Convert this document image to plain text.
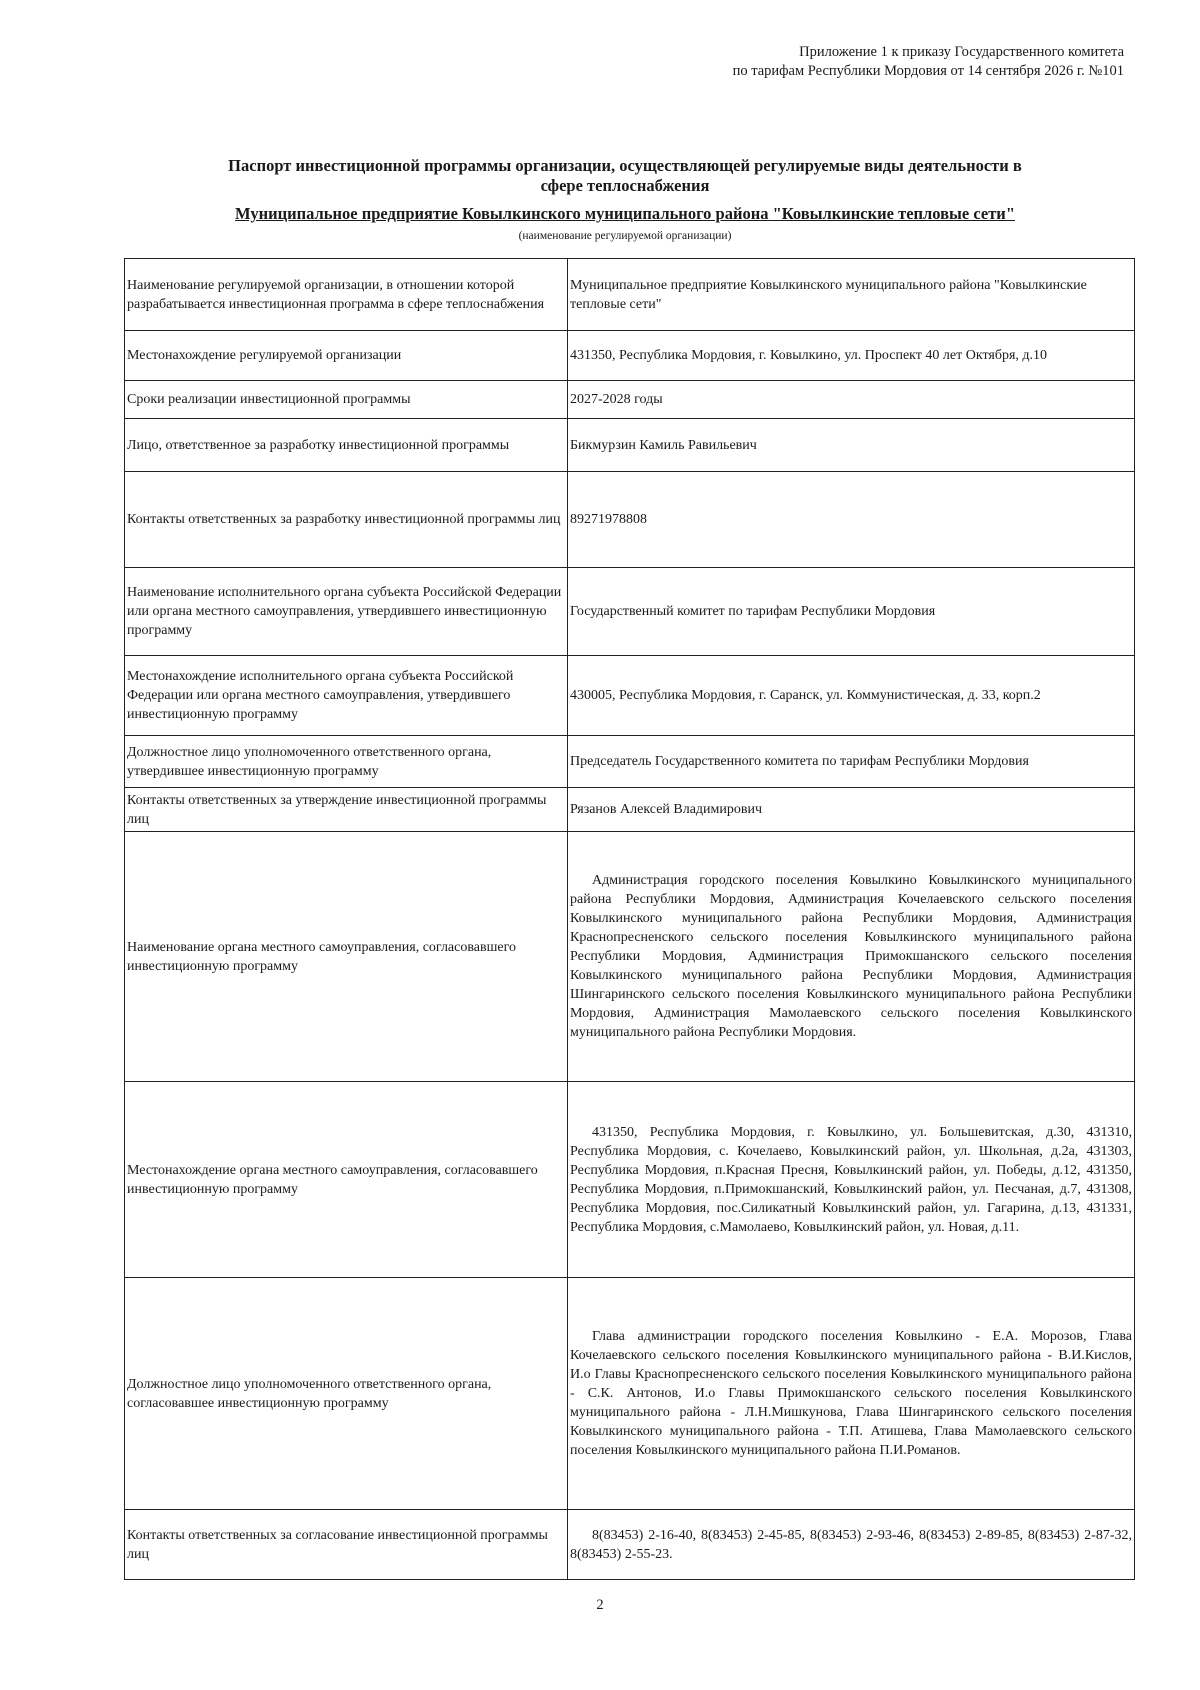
Приложение 1 к приказу Государственного комитета
по тарифам Республики Мордовия от 14 сентября 2026 г. №101
Паспорт инвестиционной программы организации, осуществляющей регулируемые виды деятельности в
сфере теплоснабжения
Муниципальное предприятие Ковылкинского муниципального района "Ковылкинские тепловые сети"
(наименование регулируемой организации)
Наименование регулируемой организации, в отношении которой разрабатывается инвестиционная программа в сфере теплоснабжения	Муниципальное предприятие Ковылкинского муниципального района "Ковылкинские тепловые сети"
Местонахождение регулируемой организации	431350, Республика Мордовия, г. Ковылкино, ул. Проспект 40 лет Октября, д.10
Сроки реализации инвестиционной программы	2027-2028 годы
Лицо, ответственное за разработку инвестиционной программы	Бикмурзин Камиль Равильевич
Контакты ответственных за разработку инвестиционной программы лиц	89271978808
Наименование исполнительного органа субъекта Российской Федерации или органа местного самоуправления, утвердившего инвестиционную программу	Государственный комитет по тарифам Республики Мордовия
Местонахождение исполнительного органа субъекта Российской Федерации или органа местного самоуправления, утвердившего инвестиционную программу	430005, Республика Мордовия, г. Саранск, ул. Коммунистическая, д. 33, корп.2
Должностное лицо уполномоченного ответственного органа, утвердившее инвестиционную программу	Председатель Государственного комитета по тарифам Республики Мордовия
Контакты ответственных за утверждение инвестиционной программы лиц	Рязанов Алексей Владимирович
Наименование органа местного самоуправления, согласовавшего инвестиционную программу	Администрация городского поселения Ковылкино Ковылкинского муниципального района Республики Мордовия, Администрация Кочелаевского сельского поселения Ковылкинского муниципального района Республики Мордовия, Администрация Краснопресненского сельского поселения Ковылкинского муниципального района Республики Мордовия, Администрация Примокшанского сельского поселения Ковылкинского муниципального района Республики Мордовия, Администрация Шингаринского сельского поселения Ковылкинского муниципального района Республики Мордовия, Администрация Мамолаевского сельского поселения Ковылкинского муниципального района Республики Мордовия.
Местонахождение органа местного самоуправления, согласовавшего инвестиционную программу	431350, Республика Мордовия, г. Ковылкино, ул. Большевитская, д.30, 431310, Республика Мордовия, с. Кочелаево, Ковылкинский район, ул. Школьная, д.2а, 431303, Республика Мордовия, п.Красная Пресня, Ковылкинский район, ул. Победы, д.12, 431350, Республика Мордовия, п.Примокшанский, Ковылкинский район, ул. Песчаная, д.7, 431308, Республика Мордовия, пос.Силикатный Ковылкинский район, ул. Гагарина, д.13, 431331, Республика Мордовия, с.Мамолаево, Ковылкинский район, ул. Новая, д.11.
Должностное лицо уполномоченного ответственного органа, согласовавшее инвестиционную программу	Глава администрации городского поселения Ковылкино - Е.А. Морозов, Глава Кочелаевского сельского поселения Ковылкинского муниципального района - В.И.Кислов, И.о Главы Краснопресненского сельского поселения Ковылкинского муниципального района - С.К. Антонов, И.о Главы Примокшанского сельского поселения Ковылкинского муниципального района - Л.Н.Мишкунова, Глава Шингаринского сельского поселения Ковылкинского муниципального района - Т.П. Атишева, Глава Мамолаевского сельского поселения Ковылкинского муниципального района П.И.Романов.
Контакты ответственных за согласование инвестиционной программы лиц	8(83453) 2-16-40, 8(83453) 2-45-85, 8(83453) 2-93-46, 8(83453) 2-89-85, 8(83453) 2-87-32, 8(83453) 2-55-23.
2
